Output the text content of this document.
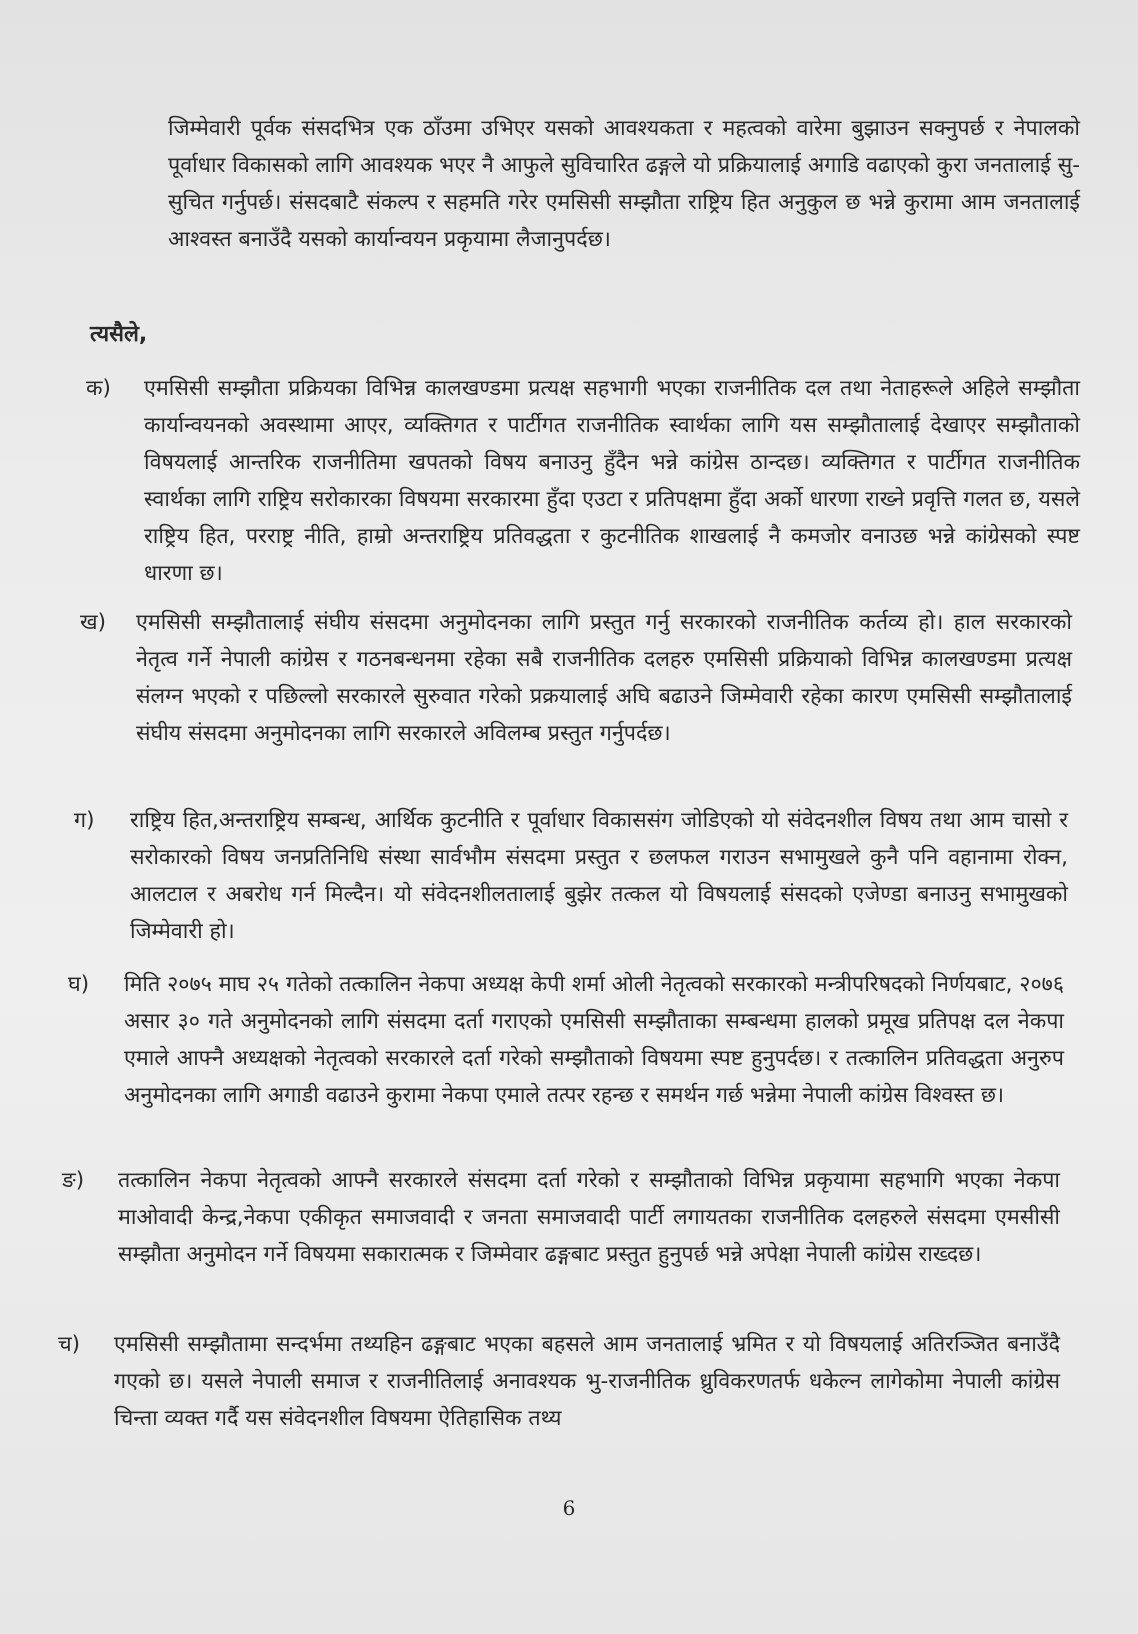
जिम्मेवारी पूर्वक संसदभित्र एक ठाँउमा उभिएर यसको आवश्यकता र महत्वको वारेमा बुझाउन सक्नुपर्छ र नेपालको पूर्वाधार विकासको लागि आवश्यक भएर नै आफुले सुविचारित ढङ्गले यो प्रक्रियालाई अगाडि वढाएको कुरा जनतालाई सु-सुचित गर्नुपर्छ। संसदबाटै संकल्प र सहमति गरेर एमसिसी सम्झौता राष्ट्रिय हित अनुकुल छ भन्ने कुरामा आम जनतालाई आश्वस्त बनाउँदै यसको कार्यान्वयन प्रकृयामा लैजानुपर्दछ।
त्यसैले,
क) एमसिसी सम्झौता प्रक्रियका विभिन्न कालखण्डमा प्रत्यक्ष सहभागी भएका राजनीतिक दल तथा नेताहरूले अहिले सम्झौता कार्यान्वयनको अवस्थामा आएर, व्यक्तिगत र पार्टीगत राजनीतिक स्वार्थका लागि यस सम्झौतालाई देखाएर सम्झौताको विषयलाई आन्तरिक राजनीतिमा खपतको विषय बनाउनु हुँदैन भन्ने कांग्रेस ठान्दछ। व्यक्तिगत र पार्टीगत राजनीतिक स्वार्थका लागि राष्ट्रिय सरोकारका विषयमा सरकारमा हुँदा एउटा र प्रतिपक्षमा हुँदा अर्को धारणा राख्ने प्रवृत्ति गलत छ, यसले राष्ट्रिय हित, परराष्ट्र नीति, हाम्रो अन्तराष्ट्रिय प्रतिवद्धता र कुटनीतिक शाखलाई नै कमजोर वनाउछ भन्ने कांग्रेसको स्पष्ट धारणा छ।
ख) एमसिसी सम्झौतालाई संघीय संसदमा अनुमोदनका लागि प्रस्तुत गर्नु सरकारको राजनीतिक कर्तव्य हो। हाल सरकारको नेतृत्व गर्ने नेपाली कांग्रेस र गठनबन्धनमा रहेका सबै राजनीतिक दलहरु एमसिसी प्रक्रियाको विभिन्न कालखण्डमा प्रत्यक्ष संलग्न भएको र पछिल्लो सरकारले सुरुवात गरेको प्रक्रयालाई अघि बढाउने जिम्मेवारी रहेका कारण एमसिसी सम्झौतालाई संघीय संसदमा अनुमोदनका लागि सरकारले अविलम्ब प्रस्तुत गर्नुपर्दछ।
ग) राष्ट्रिय हित,अन्तराष्ट्रिय सम्बन्ध, आर्थिक कुटनीति र पूर्वाधार विकाससंग जोडिएको यो संवेदनशील विषय तथा आम चासो र सरोकारको विषय जनप्रतिनिधि संस्था सार्वभौम संसदमा प्रस्तुत र छलफल गराउन सभामुखले कुनै पनि वहानामा रोक्न, आलटाल र अबरोध गर्न मिल्दैन। यो संवेदनशीलतालाई बुझेर तत्कल यो विषयलाई संसदको एजेण्डा बनाउनु सभामुखको जिम्मेवारी हो।
घ) मिति २०७५ माघ २५ गतेको तत्कालिन नेकपा अध्यक्ष केपी शर्मा ओली नेतृत्वको सरकारको मन्त्रीपरिषदको निर्णयबाट, २०७६ असार ३० गते अनुमोदनको लागि संसदमा दर्ता गराएको एमसिसी सम्झौताका सम्बन्धमा हालको प्रमूख प्रतिपक्ष दल नेकपा एमाले आफ्नै अध्यक्षको नेतृत्वको सरकारले दर्ता गरेको सम्झौताको विषयमा स्पष्ट हुनुपर्दछ। र तत्कालिन प्रतिवद्धता अनुरुप अनुमोदनका लागि अगाडी वढाउने कुरामा नेकपा एमाले तत्पर रहन्छ र समर्थन गर्छ भन्नेमा नेपाली कांग्रेस विश्वस्त छ।
ङ) तत्कालिन नेकपा नेतृत्वको आफ्नै सरकारले संसदमा दर्ता गरेको र सम्झौताको विभिन्न प्रकृयामा सहभागि भएका नेकपा माओवादी केन्द्र,नेकपा एकीकृत समाजवादी र जनता समाजवादी पार्टी लगायतका राजनीतिक दलहरुले संसदमा एमसीसी सम्झौता अनुमोदन गर्ने विषयमा सकारात्मक र जिम्मेवार ढङ्गबाट प्रस्तुत हुनुपर्छ भन्ने अपेक्षा नेपाली कांग्रेस राख्दछ।
च) एमसिसी सम्झौतामा सन्दर्भमा तथ्यहिन ढङ्गबाट भएका बहसले आम जनतालाई भ्रमित र यो विषयलाई अतिरञ्जित बनाउँदै गएको छ। यसले नेपाली समाज र राजनीतिलाई अनावश्यक भु-राजनीतिक ध्रुविकरणतर्फ धकेल्न लागेकोमा नेपाली कांग्रेस चिन्ता व्यक्त गर्दै यस संवेदनशील विषयमा ऐतिहासिक तथ्य
6
